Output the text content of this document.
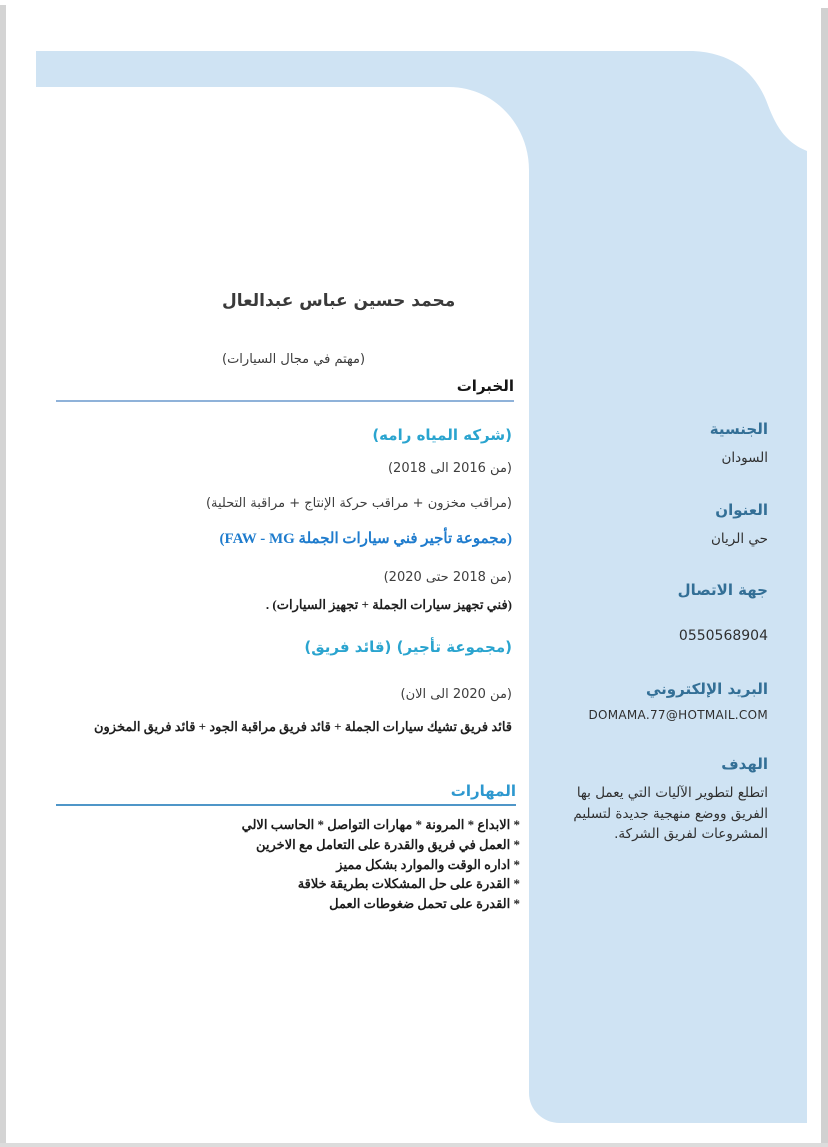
محمد حسين عباس عبدالعال
(مهتم في مجال السيارات)
الخبرات
(شركه المياه رامه)
(من 2016 الى 2018)
(مراقب مخزون + مراقب حركة الإنتاج + مراقبة التحلية)
(مجموعة تأجير فني سيارات الجملة FAW - MG)
(من 2018 حتى 2020)
(فني تجهيز سيارات الجملة + تجهيز السيارات) .
(مجموعة تأجير) (قائد فريق)
(من 2020 الى الان)
قائد فريق تشيك سيارات الجملة + قائد فريق مراقبة الجود + قائد فريق المخزون
المهارات
* الابداع * المرونة * مهارات التواصل * الحاسب الالي
* العمل في فريق والقدرة على التعامل مع الاخرين
* اداره الوقت والموارد بشكل مميز
* القدرة على حل المشكلات بطريقة خلاقة
* القدرة على تحمل ضغوطات العمل
الجنسية
السودان
العنوان
حي الريان
جهة الاتصال
0550568904
البريد الإلكتروني
DOMAMA.77@HOTMAIL.COM
الهدف
اتطلع لتطوير الآليات التي يعمل بها الفريق ووضع منهجية جديدة لتسليم المشروعات لفريق الشركة.
